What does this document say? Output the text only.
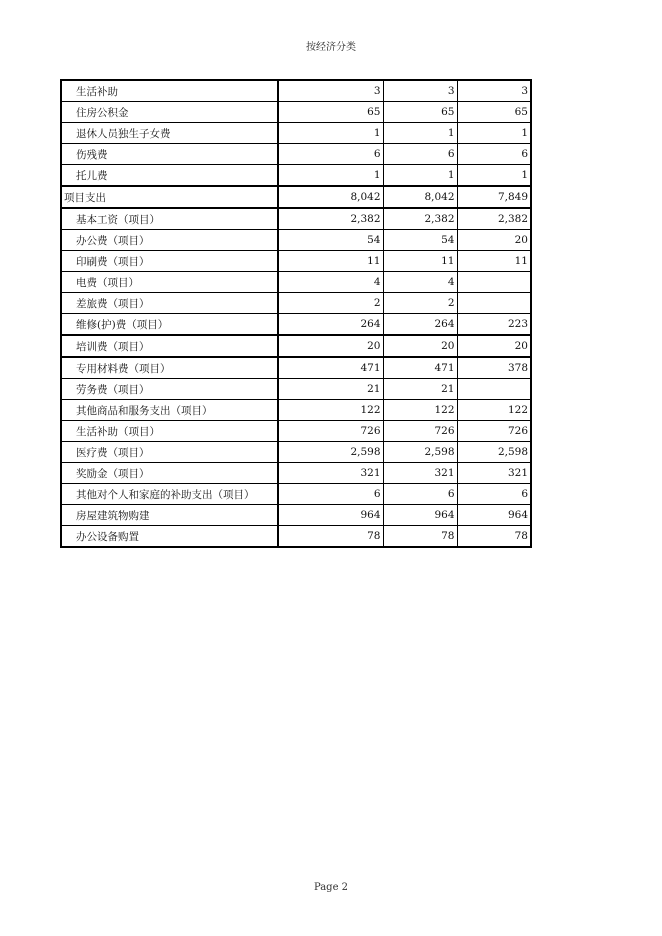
按经济分类
生活补助	3	3	3
住房公积金	65	65	65
退休人员独生子女费	1	1	1
伤残费	6	6	6
托儿费	1	1	1
项目支出	8,042	8,042	7,849
基本工资（项目）	2,382	2,382	2,382
办公费（项目）	54	54	20
印刷费（项目）	11	11	11
电费（项目）	4	4	
差旅费（项目）	2	2	
维修(护)费（项目）	264	264	223
培训费（项目）	20	20	20
专用材料费（项目）	471	471	378
劳务费（项目）	21	21	
其他商品和服务支出（项目）	122	122	122
生活补助（项目）	726	726	726
医疗费（项目）	2,598	2,598	2,598
奖励金（项目）	321	321	321
其他对个人和家庭的补助支出（项目）	6	6	6
房屋建筑物购建	964	964	964
办公设备购置	78	78	78
Page 2
